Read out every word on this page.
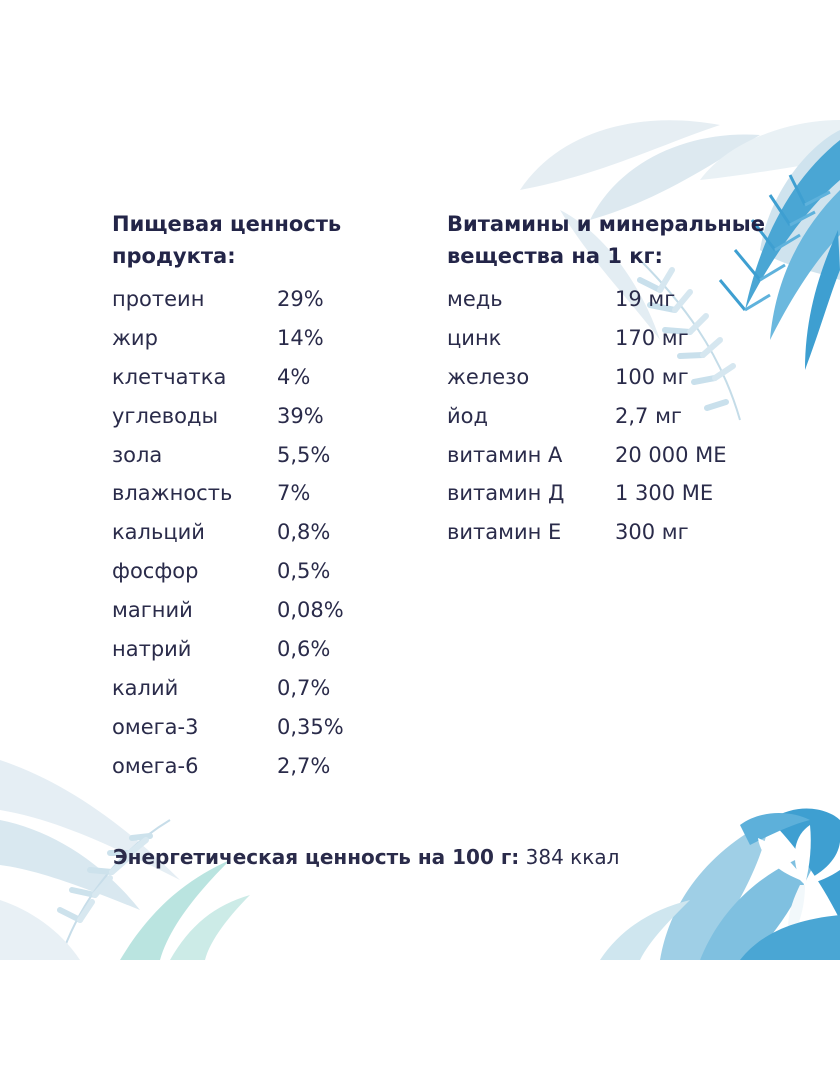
Пищевая ценность
продукта:
протеин	29%
жир	14%
клетчатка 4%
углеводы	39%
зола	5,5%
влажность 7%
кальций	0,8%
фосфор	0,5%
магний	0,08%
натрий	0,6%
калий	0,7%
омега-3	0,35%
омега-6	2,7%
Витамины и минеральные
вещества на 1 кг:
медь	19 мг
цинк	170 мг
железо	100 мг
йод	2,7 мг
витамин А	20 000 МЕ
витамин Д 1 300 МЕ
витамин Е	300 мг

Энергетическая ценность на 100 г: 384 ккал
